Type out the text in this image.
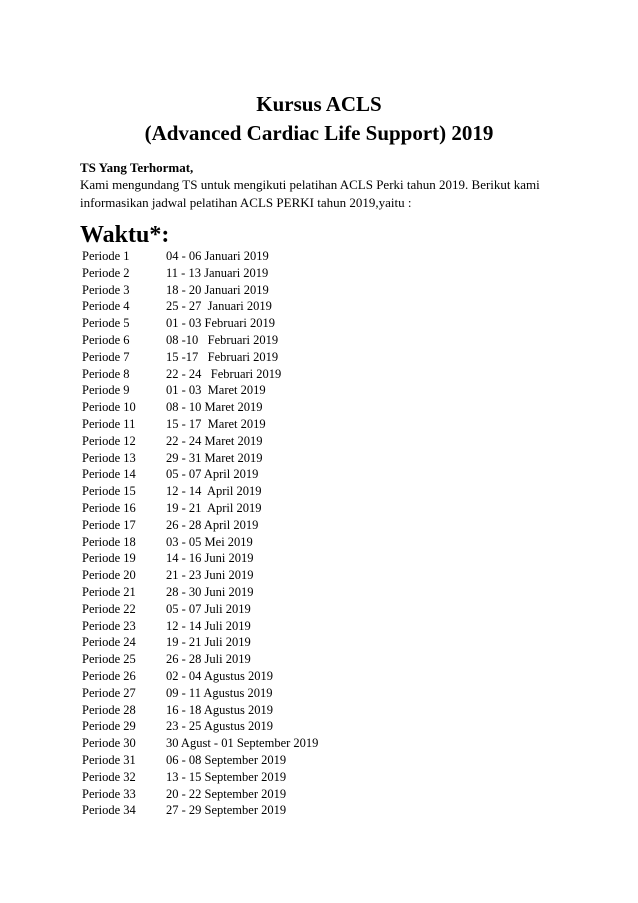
Kursus ACLS
(Advanced Cardiac Life Support) 2019

TS Yang Terhormat,

Kami mengundang TS untuk mengikuti pelatihan ACLS Perki tahun 2019. Berikut kami
informasikan jadwal pelatihan ACLS PERKI tahun 2019,yaitu :
Waktu*:
Periode 1	04 - 06 Januari 2019
Periode 2	11 - 13 Januari 2019
Periode 3	18 - 20 Januari 2019
Periode 4	25 - 27  Januari 2019
Periode 5	01 - 03 Februari 2019
Periode 6	08 -10   Februari 2019
Periode 7	15 -17   Februari 2019
Periode 8	22 - 24   Februari 2019
Periode 9	01 - 03  Maret 2019
Periode 10	08 - 10 Maret 2019
Periode 11	15 - 17  Maret 2019
Periode 12	22 - 24 Maret 2019
Periode 13	29 - 31 Maret 2019
Periode 14	05 - 07 April 2019
Periode 15	12 - 14  April 2019
Periode 16	19 - 21  April 2019
Periode 17	26 - 28 April 2019
Periode 18	03 - 05 Mei 2019
Periode 19	14 - 16 Juni 2019
Periode 20	21 - 23 Juni 2019
Periode 21	28 - 30 Juni 2019
Periode 22	05 - 07 Juli 2019
Periode 23	12 - 14 Juli 2019
Periode 24	19 - 21 Juli 2019
Periode 25	26 - 28 Juli 2019
Periode 26	02 - 04 Agustus 2019
Periode 27	09 - 11 Agustus 2019
Periode 28	16 - 18 Agustus 2019
Periode 29	23 - 25 Agustus 2019
Periode 30	30 Agust - 01 September 2019
Periode 31	06 - 08 September 2019
Periode 32	13 - 15 September 2019
Periode 33	20 - 22 September 2019
Periode 34	27 - 29 September 2019
